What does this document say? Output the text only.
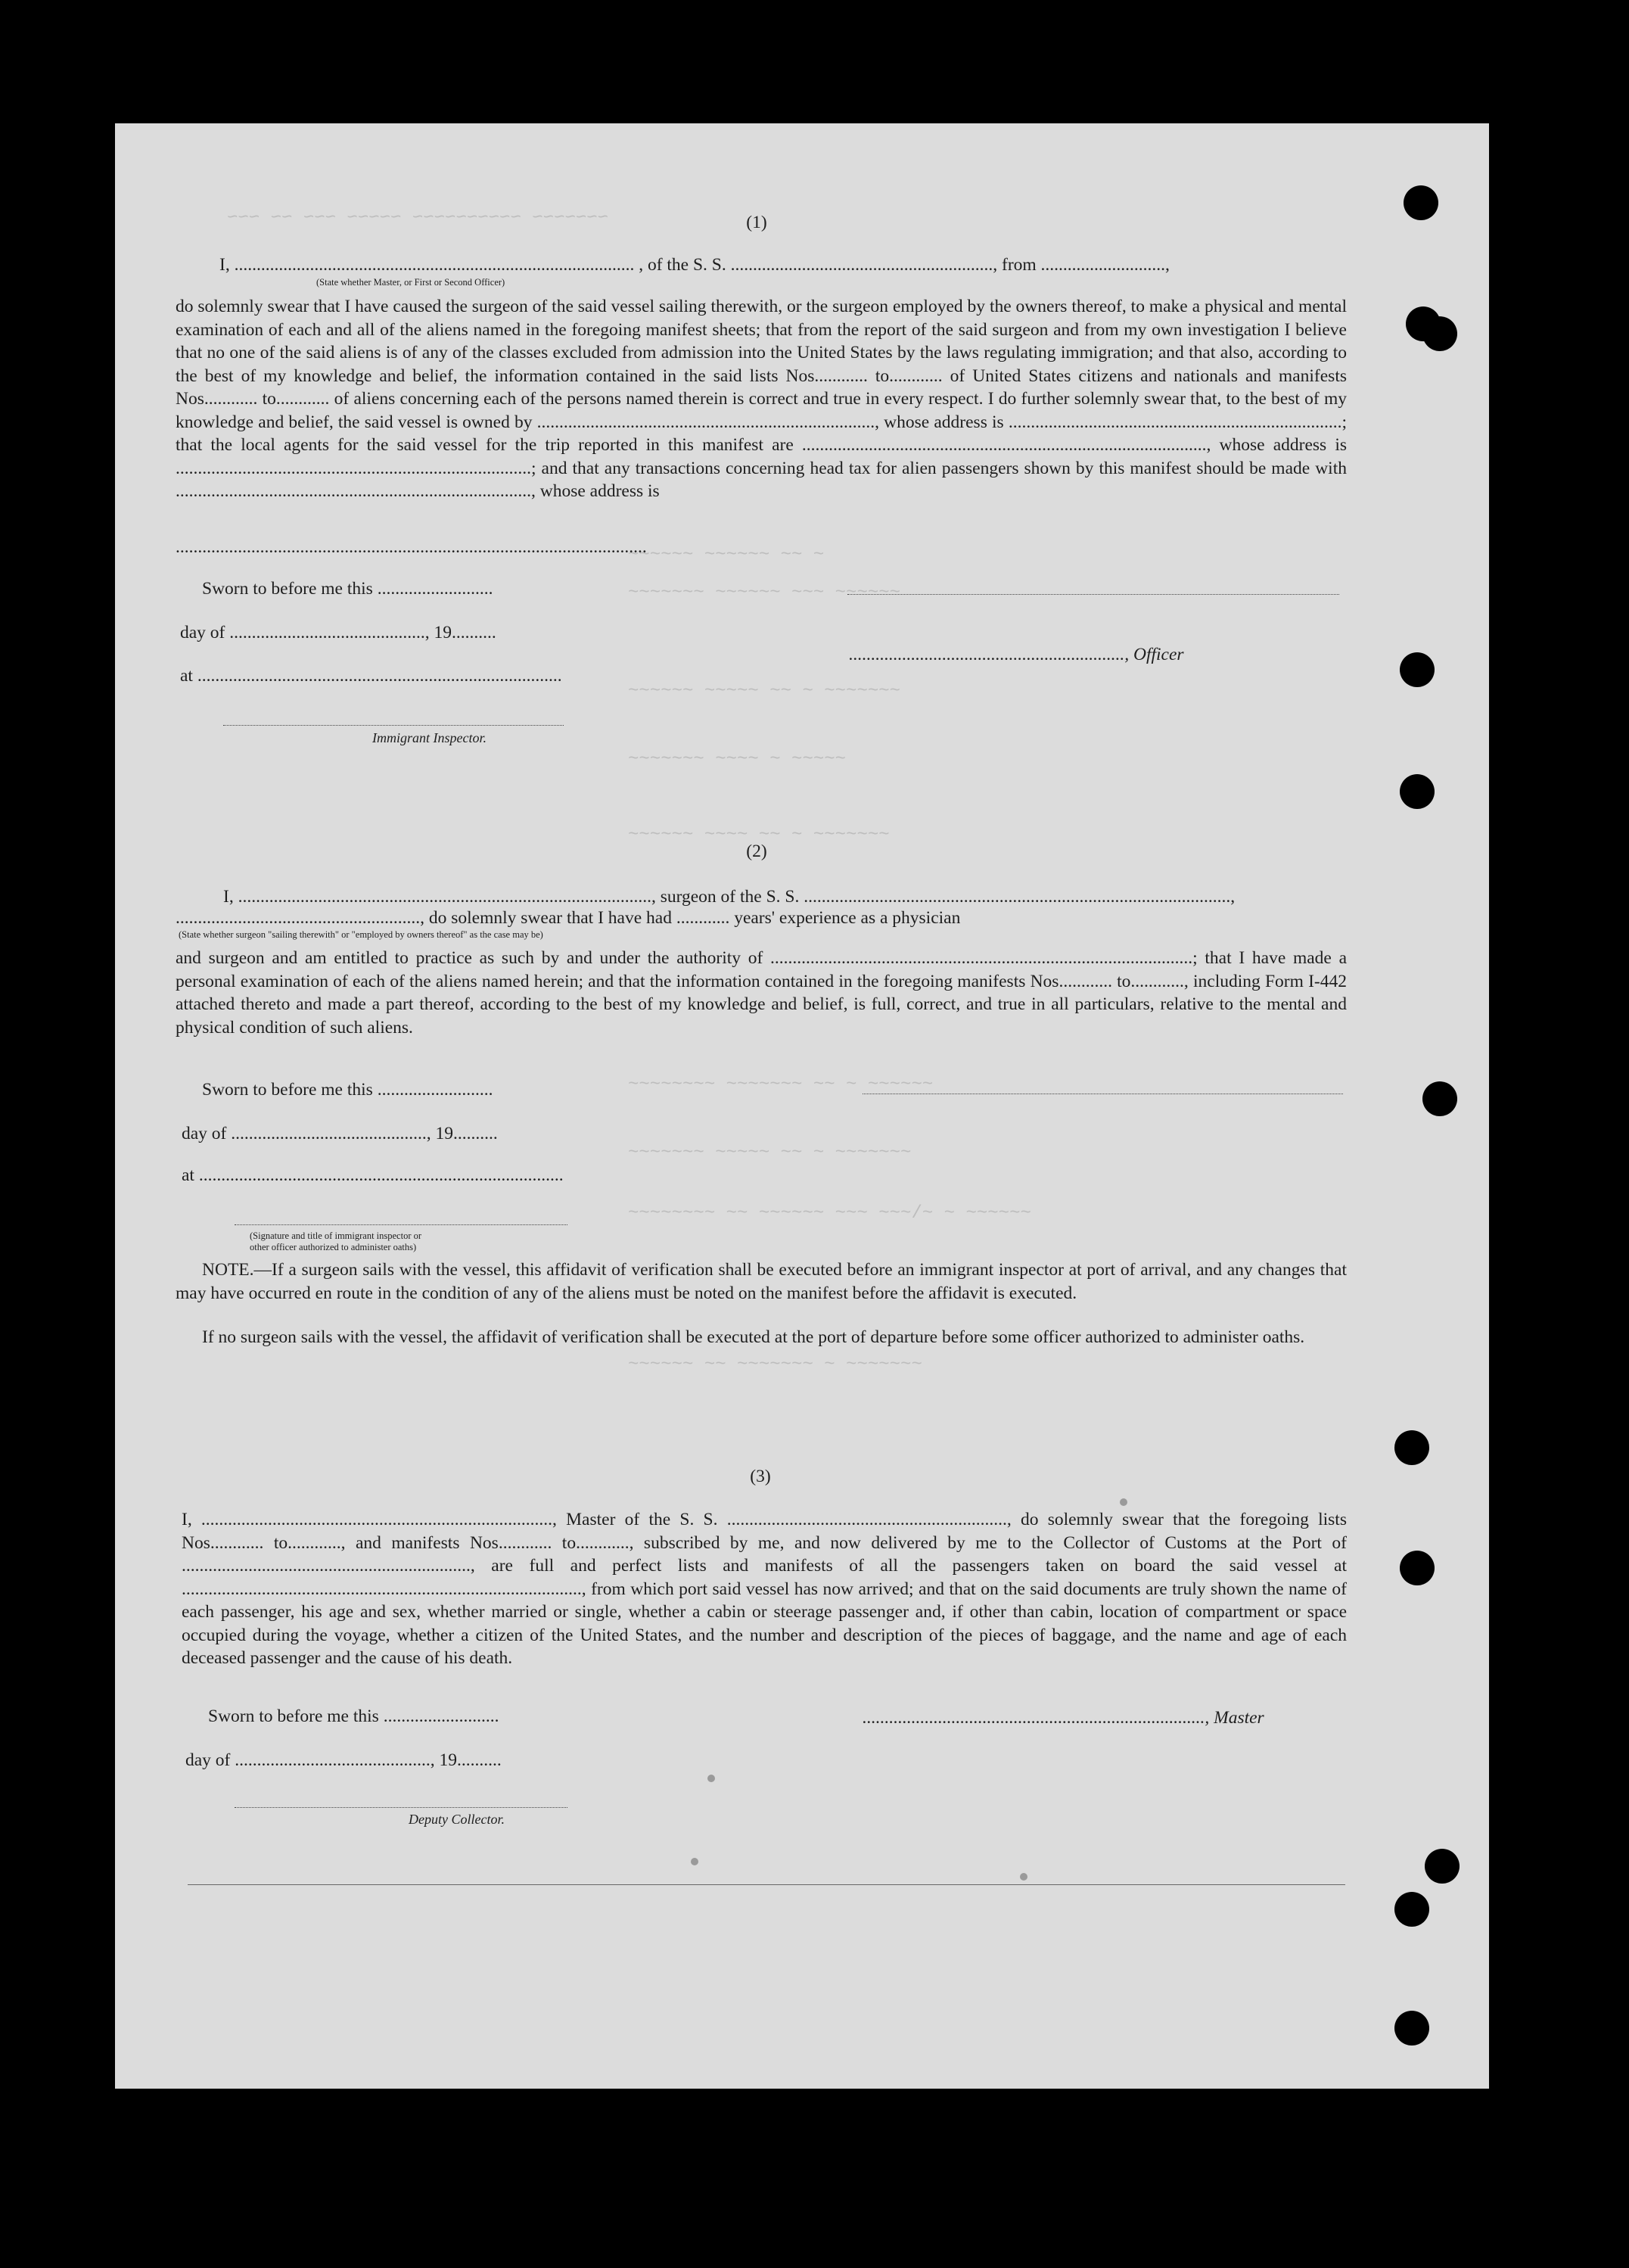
~~~ ~~ ~~~ ~~~~~ ~~~~~~~~~~ ~~~~~~~
~~~~~~ ~~~~~~ ~~ ~
~~~~~~~ ~~~~~~ ~~~ ~~~~~~
~~~~~~ ~~~~~ ~~ ~ ~~~~~~~
~~~~~~~ ~~~~ ~ ~~~~~
~~~~~~ ~~~~ ~~ ~ ~~~~~~~
~~~~~~~~ ~~~~~~~ ~~ ~ ~~~~~~
~~~~~~~ ~~~~~ ~~ ~ ~~~~~~~
~~~~~~~~ ~~ ~~~~~~ ~~~ ~~~/~ ~ ~~~~~~
~~~~~~ ~~ ~~~~~~~ ~ ~~~~~~~
(1)
I, .......................................................................................... , of the S. S. ..........................................................., from ............................,
(State whether Master, or First or Second Officer)
do solemnly swear that I have caused the surgeon of the said vessel sailing therewith, or the surgeon employed by the owners thereof, to make a physical and mental examination of each and all of the aliens named in the foregoing manifest sheets; that from the report of the said surgeon and from my own investigation I believe that no one of the said aliens is of any of the classes excluded from admission into the United States by the laws regulating immigration; and that also, according to the best of my knowledge and belief, the information contained in the said lists Nos............ to............ of United States citizens and nationals and manifests Nos............ to............ of aliens concerning each of the persons named therein is correct and true in every respect. I do further solemnly swear that, to the best of my knowledge and belief, the said vessel is owned by ............................................................................, whose address is ...........................................................................; that the local agents for the said vessel for the trip reported in this manifest are ..........................................................................................., whose address is ................................................................................; and that any transactions concerning head tax for alien passengers shown by this manifest should be made with ................................................................................, whose address is
..........................................................................................................
Sworn to before me this ..........................
day of ............................................, 19..........
at ..................................................................................
.............................................................., Officer
Immigrant Inspector.
(2)
I, ............................................................................................., surgeon of the S. S. ................................................................................................,
......................................................., do solemnly swear that I have had ............ years' experience as a physician
(State whether surgeon "sailing therewith" or "employed by owners thereof" as the case may be)
and surgeon and am entitled to practice as such by and under the authority of ...............................................................................................; that I have made a personal examination of each of the aliens named herein; and that the information contained in the foregoing manifests Nos............ to............, including Form I-442 attached thereto and made a part thereof, according to the best of my knowledge and belief, is full, correct, and true in all particulars, relative to the mental and physical condition of such aliens.
Sworn to before me this ..........................
day of ............................................, 19..........
at ..................................................................................
(Signature and title of immigrant inspector or
other officer authorized to administer oaths)
NOTE.—If a surgeon sails with the vessel, this affidavit of verification shall be executed before an immigrant inspector at port of arrival, and any changes that may have occurred en route in the condition of any of the aliens must be noted on the manifest before the affidavit is executed.
If no surgeon sails with the vessel, the affidavit of verification shall be executed at the port of departure before some officer authorized to administer oaths.
(3)
I, ..............................................................................., Master of the S. S. ..............................................................., do solemnly swear that the foregoing lists Nos............ to............, and manifests Nos............ to............, subscribed by me, and now delivered by me to the Collector of Customs at the Port of ................................................................., are full and perfect lists and manifests of all the passengers taken on board the said vessel at .........................................................................................., from which port said vessel has now arrived; and that on the said documents are truly shown the name of each passenger, his age and sex, whether married or single, whether a cabin or steerage passenger and, if other than cabin, location of compartment or space occupied during the voyage, whether a citizen of the United States, and the number and description of the pieces of baggage, and the name and age of each deceased passenger and the cause of his death.
Sworn to before me this ..........................	............................................................................., Master
day of ............................................, 19..........
Deputy Collector.
